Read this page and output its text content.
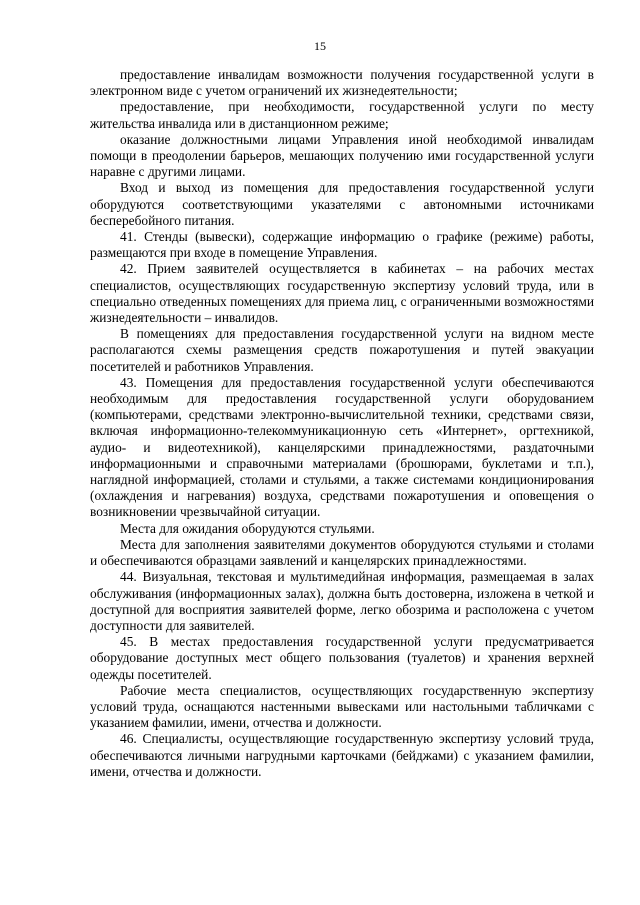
15

предоставление инвалидам возможности получения государственной услуги в электронном виде с учетом ограничений их жизнедеятельности;

предоставление, при необходимости, государственной услуги по месту жительства инвалида или в дистанционном режиме;

оказание должностными лицами Управления иной необходимой инвалидам помощи в преодолении барьеров, мешающих получению ими государственной услуги наравне с другими лицами.

Вход и выход из помещения для предоставления государственной услуги оборудуются соответствующими указателями с автономными источниками бесперебойного питания.

41. Стенды (вывески), содержащие информацию о графике (режиме) работы, размещаются при входе в помещение Управления.

42. Прием заявителей осуществляется в кабинетах – на рабочих местах специалистов, осуществляющих государственную экспертизу условий труда, или в специально отведенных помещениях для приема лиц, с ограниченными возможностями жизнедеятельности – инвалидов.

В помещениях для предоставления государственной услуги на видном месте располагаются схемы размещения средств пожаротушения и путей эвакуации посетителей и работников Управления.

43. Помещения для предоставления государственной услуги обеспечиваются необходимым для предоставления государственной услуги оборудованием (компьютерами, средствами электронно-вычислительной техники, средствами связи, включая информационно-телекоммуникационную сеть «Интернет», оргтехникой, аудио- и видеотехникой), канцелярскими принадлежностями, раздаточными информационными и справочными материалами (брошюрами, буклетами и т.п.), наглядной информацией, столами и стульями, а также системами кондиционирования (охлаждения и нагревания) воздуха, средствами пожаротушения и оповещения о возникновении чрезвычайной ситуации.

Места для ожидания оборудуются стульями.

Места для заполнения заявителями документов оборудуются стульями и столами и обеспечиваются образцами заявлений и канцелярских принадлежностями.

44. Визуальная, текстовая и мультимедийная информация, размещаемая в залах обслуживания (информационных залах), должна быть достоверна, изложена в четкой и доступной для восприятия заявителей форме, легко обозрима и расположена с учетом доступности для заявителей.

45. В местах предоставления государственной услуги предусматривается оборудование доступных мест общего пользования (туалетов) и хранения верхней одежды посетителей.

Рабочие места специалистов, осуществляющих государственную экспертизу условий труда, оснащаются настенными вывесками или настольными табличками с указанием фамилии, имени, отчества и должности.

46. Специалисты, осуществляющие государственную экспертизу условий труда, обеспечиваются личными нагрудными карточками (бейджами) с указанием фамилии, имени, отчества и должности.
